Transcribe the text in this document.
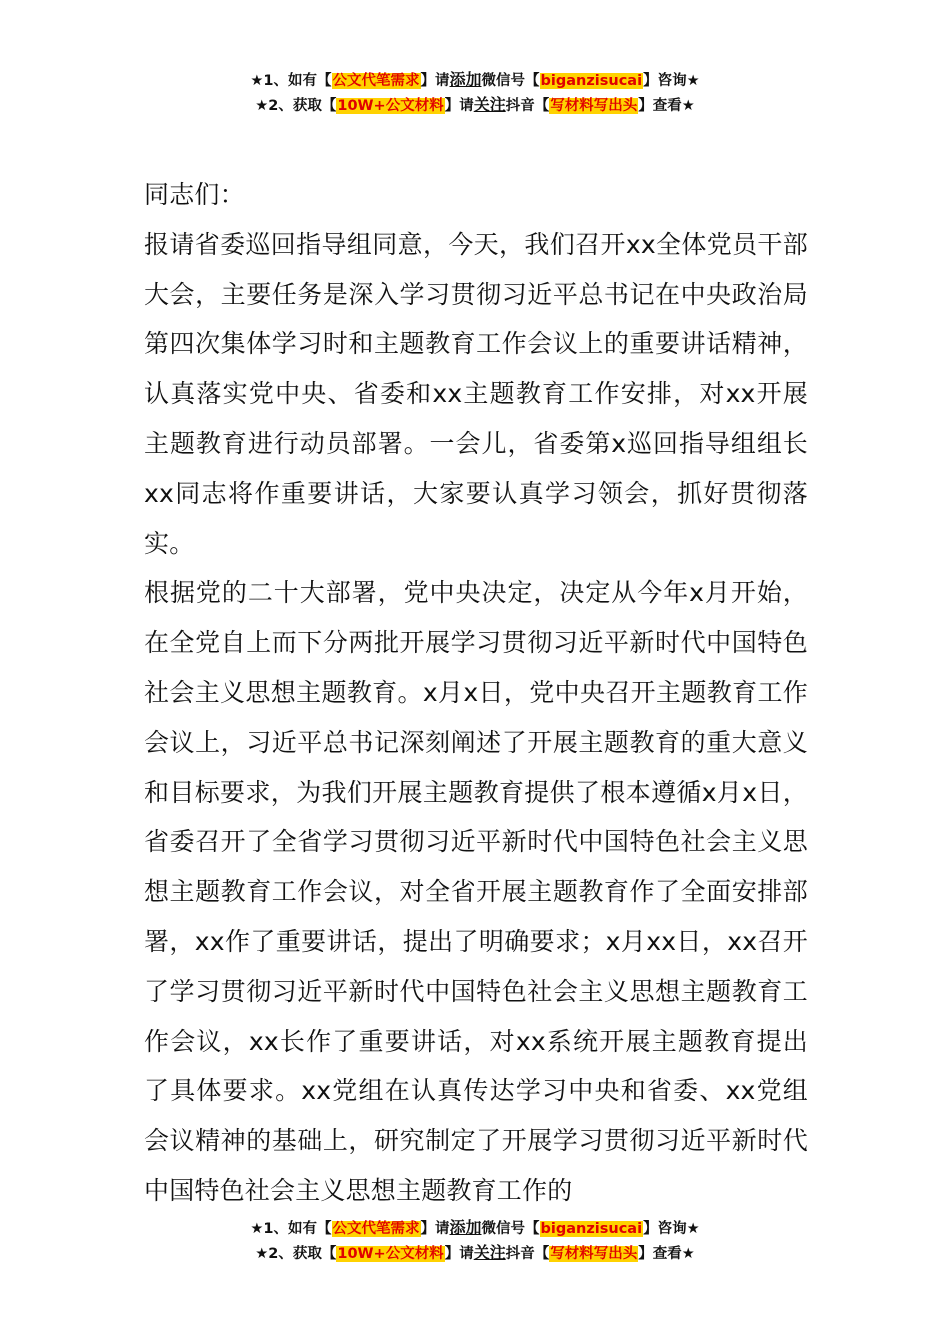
★1、如有【公文代笔需求】请添加微信号【biganzisucai】咨询★
★2、获取【10W+公文材料】请关注抖音【写材料写出头】查看★

同志们：

报请省委巡回指导组同意，今天，我们召开xx全体党员干部大会，主要任务是深入学习贯彻习近平总书记在中央政治局第四次集体学习时和主题教育工作会议上的重要讲话精神，认真落实党中央、省委和xx主题教育工作安排，对xx开展主题教育进行动员部署。一会儿，省委第x巡回指导组组长xx同志将作重要讲话，大家要认真学习领会，抓好贯彻落实。

根据党的二十大部署，党中央决定，决定从今年x月开始，在全党自上而下分两批开展学习贯彻习近平新时代中国特色社会主义思想主题教育。x月x日，党中央召开主题教育工作会议上，习近平总书记深刻阐述了开展主题教育的重大意义和目标要求，为我们开展主题教育提供了根本遵循x月x日，省委召开了全省学习贯彻习近平新时代中国特色社会主义思想主题教育工作会议，对全省开展主题教育作了全面安排部署，xx作了重要讲话，提出了明确要求；x月xx日，xx召开了学习贯彻习近平新时代中国特色社会主义思想主题教育工作会议，xx长作了重要讲话，对xx系统开展主题教育提出了具体要求。xx党组在认真传达学习中央和省委、xx党组会议精神的基础上，研究制定了开展学习贯彻习近平新时代中国特色社会主义思想主题教育工作的

★1、如有【公文代笔需求】请添加微信号【biganzisucai】咨询★
★2、获取【10W+公文材料】请关注抖音【写材料写出头】查看★
